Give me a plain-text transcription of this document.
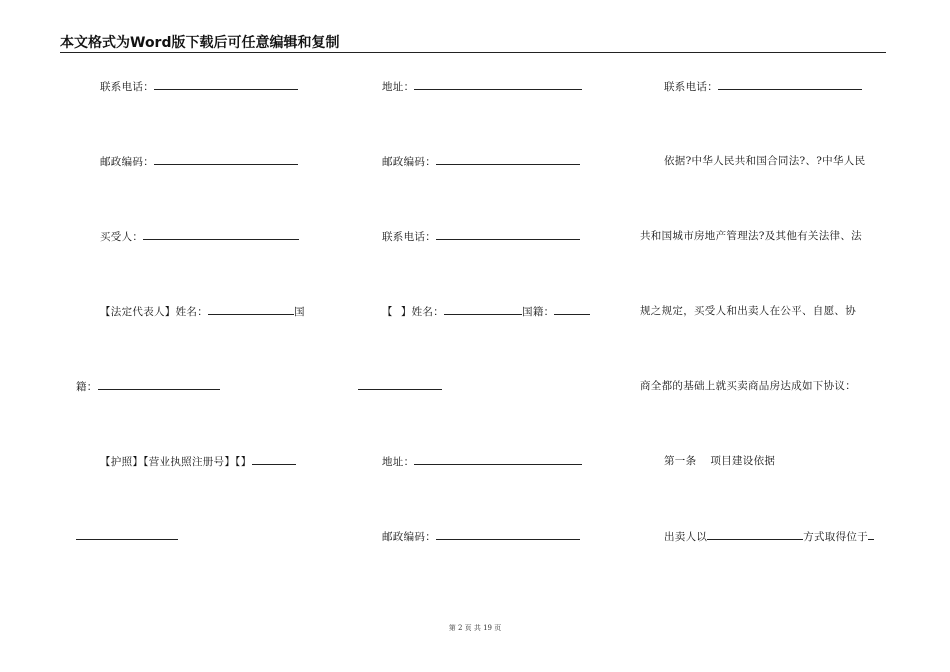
本文格式为Word版下载后可任意编辑和复制
联系电话：
邮政编码：
买受人：
【法定代表人】姓名：	国
籍：
【护照】【营业执照注册号】【】
地址：
邮政编码：
联系电话：
【 】姓名：	国籍：
地址：
邮政编码：
联系电话：
依据?中华人民共和国合同法?、?中华人民
共和国城市房地产管理法?及其他有关法律、法
规之规定，买受人和出卖人在公平、自愿、协
商全都的基础上就买卖商品房达成如下协议：
第一条 项目建设依据
出卖人以	方式取得位于
第 2 页 共 19 页
